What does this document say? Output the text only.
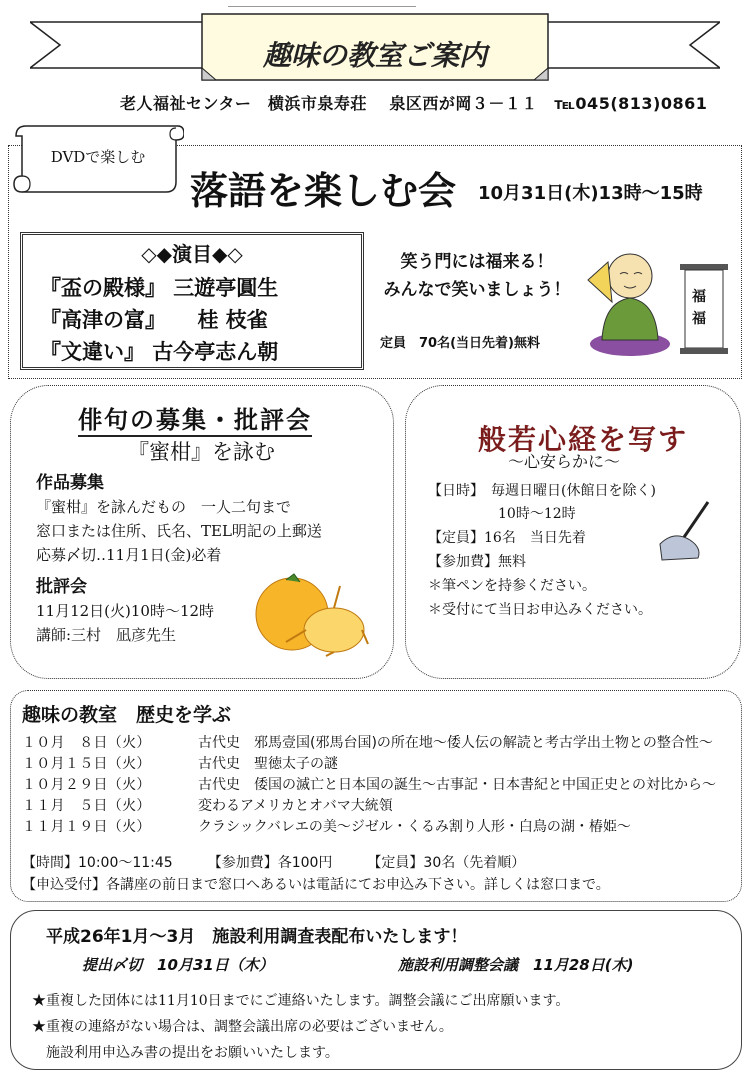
趣味の教室ご案内
老人福祉センター　横浜市泉寿荘　 泉区西が岡３－１１　℡045(813)0861
DVDで楽しむ
落語を楽しむ会 10月31日(木)13時～15時
◇◆演目◆◇
『盃の殿様』 三遊亭圓生
『高津の富』　　桂 枝雀
『文違い』 古今亭志ん朝
笑う門には福来る！
みんなで笑いましょう！
定員　70名(当日先着)無料
福福
俳句の募集・批評会
『蜜柑』を詠む
作品募集
『蜜柑』を詠んだもの　一人二句まで
窓口または住所、氏名、TEL明記の上郵送
応募〆切‥11月1日(金)必着
批評会
11月12日(火)10時～12時
講師:三村　凪彦先生
般若心経を写す
～心安らかに～
【日時】　毎週日曜日(休館日を除く)
　　　　　10時～12時
【定員】16名　当日先着
【参加費】無料
＊筆ペンを持参ください。
＊受付にて当日お申込みください。
趣味の教室　歴史を学ぶ
１０月　８日（火）	古代史　邪馬壹国(邪馬台国)の所在地～倭人伝の解読と考古学出土物との整合性～
１０月１５日（火）	古代史　聖徳太子の謎
１０月２９日（火）	古代史　倭国の滅亡と日本国の誕生～古事記・日本書紀と中国正史との対比から～
１１月　５日（火）	変わるアメリカとオバマ大統領
１１月１９日（火）	クラシックバレエの美～ジゼル・くるみ割り人形・白鳥の湖・椿姫～
【時間】10:00～11:45　　　【参加費】各100円　　　【定員】30名（先着順）
【申込受付】各講座の前日まで窓口へあるいは電話にてお申込み下さい。詳しくは窓口まで。
平成26年1月～3月　施設利用調査表配布いたします！
提出〆切　10月31日（木）	施設利用調整会議　11月28日(木)
★重複した団体には11月10日までにご連絡いたします。調整会議にご出席願います。
★重複の連絡がない場合は、調整会議出席の必要はございません。
　施設利用申込み書の提出をお願いいたします。
